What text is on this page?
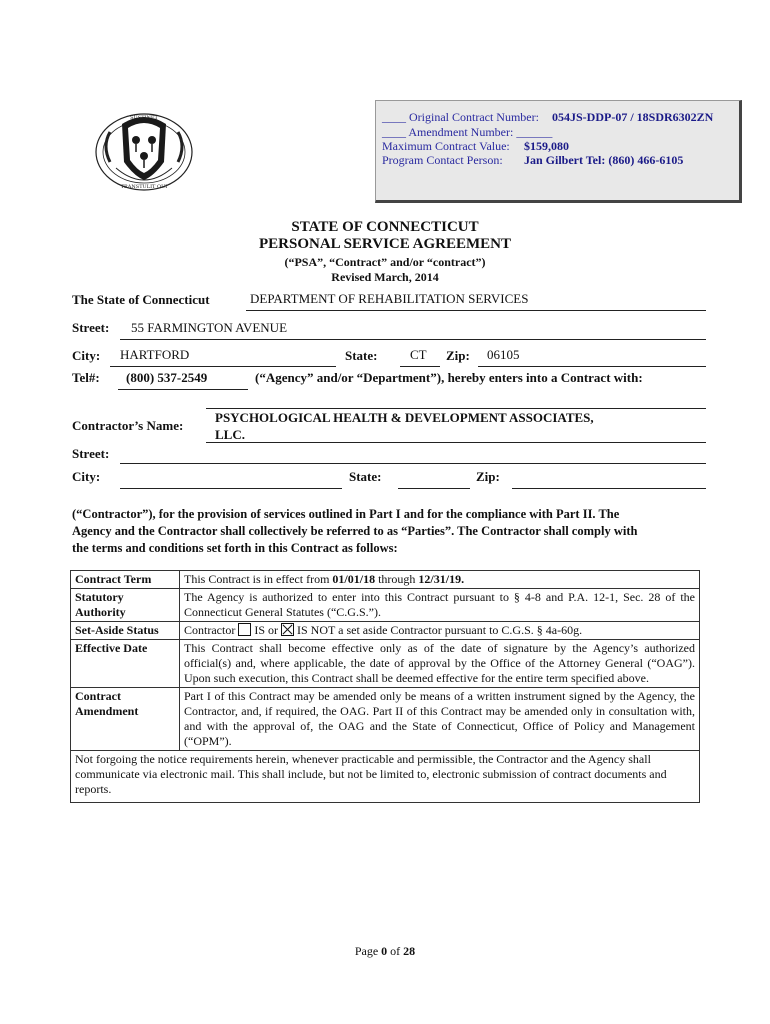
SUSTINET
TRANSTULIT QUI
____ Original Contract Number: 054JS-DDP-07 / 18SDR6302ZN
____ Amendment Number: ______
Maximum Contract Value: $159,080
Program Contact Person: Jan Gilbert Tel: (860) 466-6105
STATE OF CONNECTICUT
PERSONAL SERVICE AGREEMENT
(“PSA”, “Contract” and/or “contract”)
Revised March, 2014
The State of Connecticut	DEPARTMENT OF REHABILITATION SERVICES
Street: 55 FARMINGTON AVENUE
City: HARTFORD	State:	CT Zip: 06105
Tel#: (800) 537-2549	(“Agency” and/or “Department”), hereby enters into a Contract with:
Contractor’s Name:
PSYCHOLOGICAL HEALTH & DEVELOPMENT ASSOCIATES,
LLC.
Street:
City:	State:	Zip:
(“Contractor”), for the provision of services outlined in Part I and for the compliance with Part II. The
Agency and the Contractor shall collectively be referred to as “Parties”. The Contractor shall comply with
the terms and conditions set forth in this Contract as follows:
Contract Term	This Contract is in effect from 01/01/18 through 12/31/19.
Statutory Authority	The Agency is authorized to enter into this Contract pursuant to § 4-8 and P.A. 12-1, Sec. 28 of the Connecticut General Statutes (“C.G.S.”).
Set-Aside Status	Contractor IS or IS NOT a set aside Contractor pursuant to C.G.S. § 4a-60g.
Effective Date	This Contract shall become effective only as of the date of signature by the Agency’s authorized official(s) and, where applicable, the date of approval by the Office of the Attorney General (“OAG”). Upon such execution, this Contract shall be deemed effective for the entire term specified above.
Contract Amendment	Part I of this Contract may be amended only be means of a written instrument signed by the Agency, the Contractor, and, if required, the OAG. Part II of this Contract may be amended only in consultation with, and with the approval of, the OAG and the State of Connecticut, Office of Policy and Management (“OPM”).
Not forgoing the notice requirements herein, whenever practicable and permissible, the Contractor and the Agency shall communicate via electronic mail. This shall include, but not be limited to, electronic submission of contract documents and reports.	
Page 0 of 28
